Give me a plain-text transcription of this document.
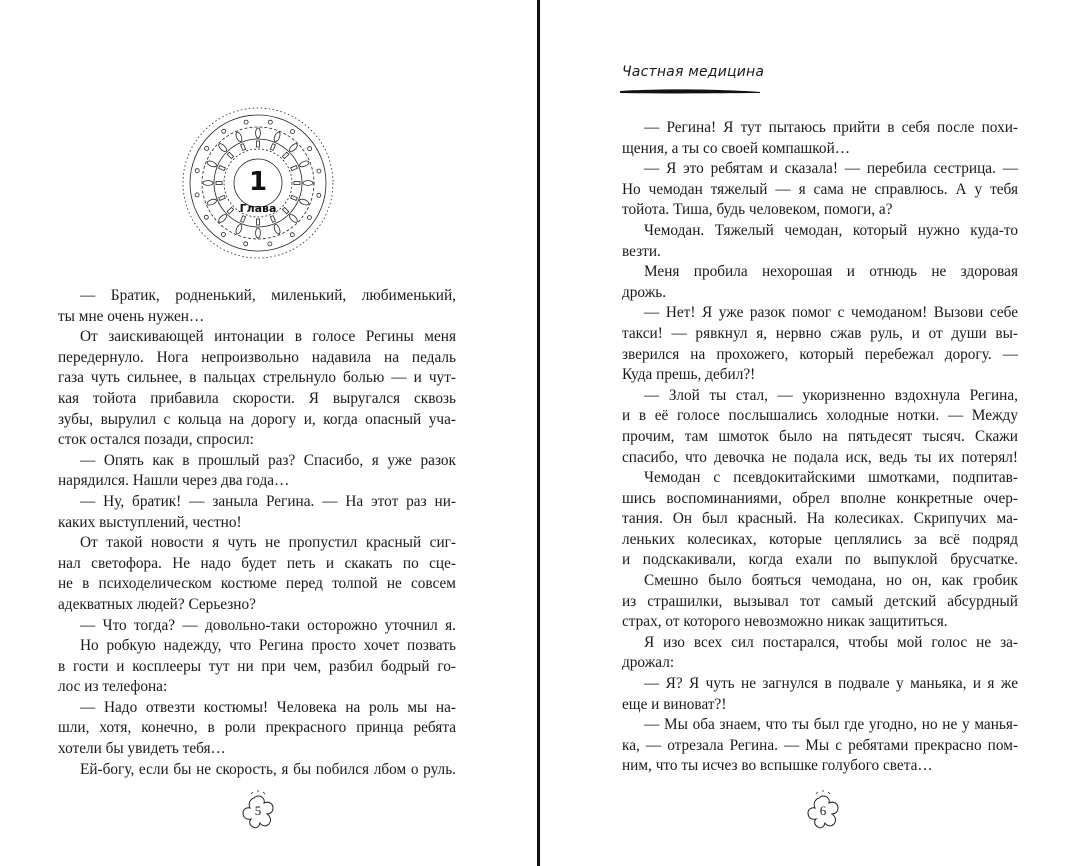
1
Глава
— Братик, родненький, миленький, любименький,
ты мне очень нужен…
От заискивающей интонации в голосе Регины меня
передернуло. Нога непроизвольно надавила на педаль
газа чуть сильнее, в пальцах стрельнуло болью — и чут-
кая тойота прибавила скорости. Я выругался сквозь
зубы, вырулил с кольца на дорогу и, когда опасный уча-
сток остался позади, спросил:
— Опять как в прошлый раз? Спасибо, я уже разок
нарядился. Нашли через два года…
— Ну, братик! — заныла Регина. — На этот раз ни-
каких выступлений, честно!
От такой новости я чуть не пропустил красный сиг-
нал светофора. Не надо будет петь и скакать по сце-
не в психоделическом костюме перед толпой не совсем
адекватных людей? Серьезно?
— Что тогда? — довольно-таки осторожно уточнил я.
Но робкую надежду, что Регина просто хочет позвать
в гости и косплееры тут ни при чем, разбил бодрый го-
лос из телефона:
— Надо отвезти костюмы! Человека на роль мы на-
шли, хотя, конечно, в роли прекрасного принца ребята
хотели бы увидеть тебя…
Ей-богу, если бы не скорость, я бы побился лбом о руль.
5
Частная медицина
— Регина! Я тут пытаюсь прийти в себя после похи-
щения, а ты со своей компашкой…
— Я это ребятам и сказала! — перебила сестрица. —
Но чемодан тяжелый — я сама не справлюсь. А у тебя
тойота. Тиша, будь человеком, помоги, а?
Чемодан. Тяжелый чемодан, который нужно куда-то
везти.
Меня пробила нехорошая и отнюдь не здоровая
дрожь.
— Нет! Я уже разок помог с чемоданом! Вызови себе
такси! — рявкнул я, нервно сжав руль, и от души вы-
зверился на прохожего, который перебежал дорогу. —
Куда прешь, дебил?!
— Злой ты стал, — укоризненно вздохнула Регина,
и в её голосе послышались холодные нотки. — Между
прочим, там шмоток было на пятьдесят тысяч. Скажи
спасибо, что девочка не подала иск, ведь ты их потерял!
Чемодан с псевдокитайскими шмотками, подпитав-
шись воспоминаниями, обрел вполне конкретные очер-
тания. Он был красный. На колесиках. Скрипучих ма-
леньких колесиках, которые цеплялись за всё подряд
и подскакивали, когда ехали по выпуклой брусчатке.
Смешно было бояться чемодана, но он, как гробик
из страшилки, вызывал тот самый детский абсурдный
страх, от которого невозможно никак защититься.
Я изо всех сил постарался, чтобы мой голос не за-
дрожал:
— Я? Я чуть не загнулся в подвале у маньяка, и я же
еще и виноват?!
— Мы оба знаем, что ты был где угодно, но не у манья-
ка, — отрезала Регина. — Мы с ребятами прекрасно пом-
ним, что ты исчез во вспышке голубого света…
6
